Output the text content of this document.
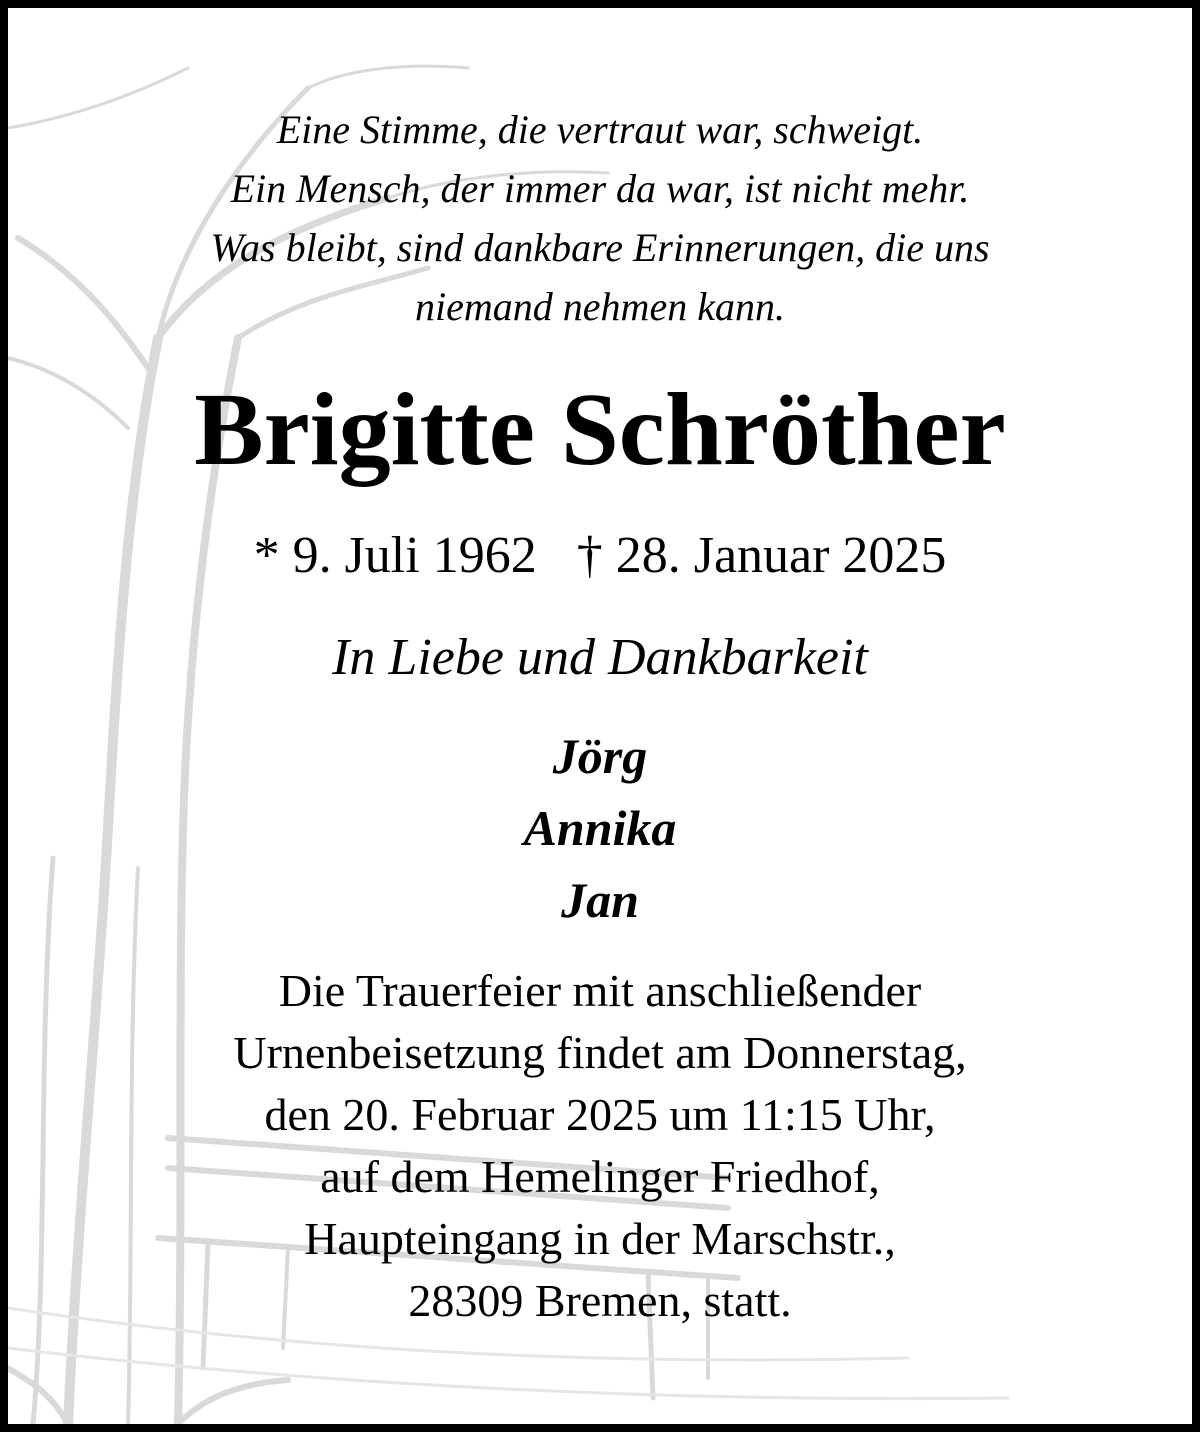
Eine Stimme, die vertraut war, schweigt.
Ein Mensch, der immer da war, ist nicht mehr.
Was bleibt, sind dankbare Erinnerungen, die uns
niemand nehmen kann.
Brigitte Schröther
* 9. Juli 1962 † 28. Januar 2025
In Liebe und Dankbarkeit
Jörg
Annika
Jan
Die Trauerfeier mit anschließender
Urnenbeisetzung findet am Donnerstag,
den 20. Februar 2025 um 11:15 Uhr,
auf dem Hemelinger Friedhof,
Haupteingang in der Marschstr.,
28309 Bremen, statt.
